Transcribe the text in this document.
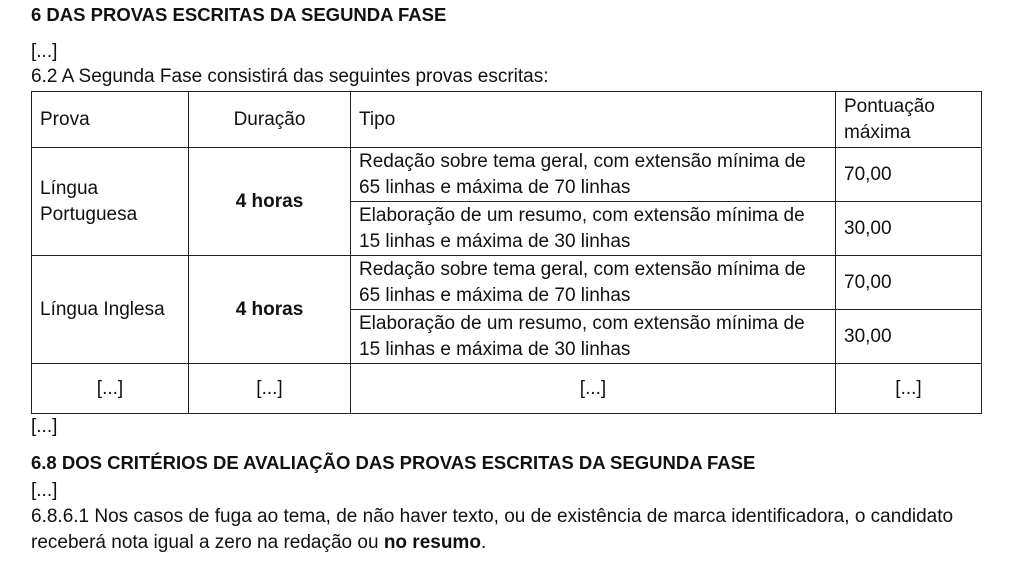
6 DAS PROVAS ESCRITAS DA SEGUNDA FASE
[...]
6.2 A Segunda Fase consistirá das seguintes provas escritas:
Prova	Duração	Tipo	Pontuação máxima
Língua Portuguesa	4 horas	Redação sobre tema geral, com extensão mínima de 65 linhas e máxima de 70 linhas	70,00
		Elaboração de um resumo, com extensão mínima de 15 linhas e máxima de 30 linhas	30,00
Língua Inglesa	4 horas	Redação sobre tema geral, com extensão mínima de 65 linhas e máxima de 70 linhas	70,00
		Elaboração de um resumo, com extensão mínima de 15 linhas e máxima de 30 linhas	30,00
[...]	[...]	[...]	[...]
[...]
6.8 DOS CRITÉRIOS DE AVALIAÇÃO DAS PROVAS ESCRITAS DA SEGUNDA FASE
[...]
6.8.6.1 Nos casos de fuga ao tema, de não haver texto, ou de existência de marca identificadora, o candidato
receberá nota igual a zero na redação ou no resumo.
